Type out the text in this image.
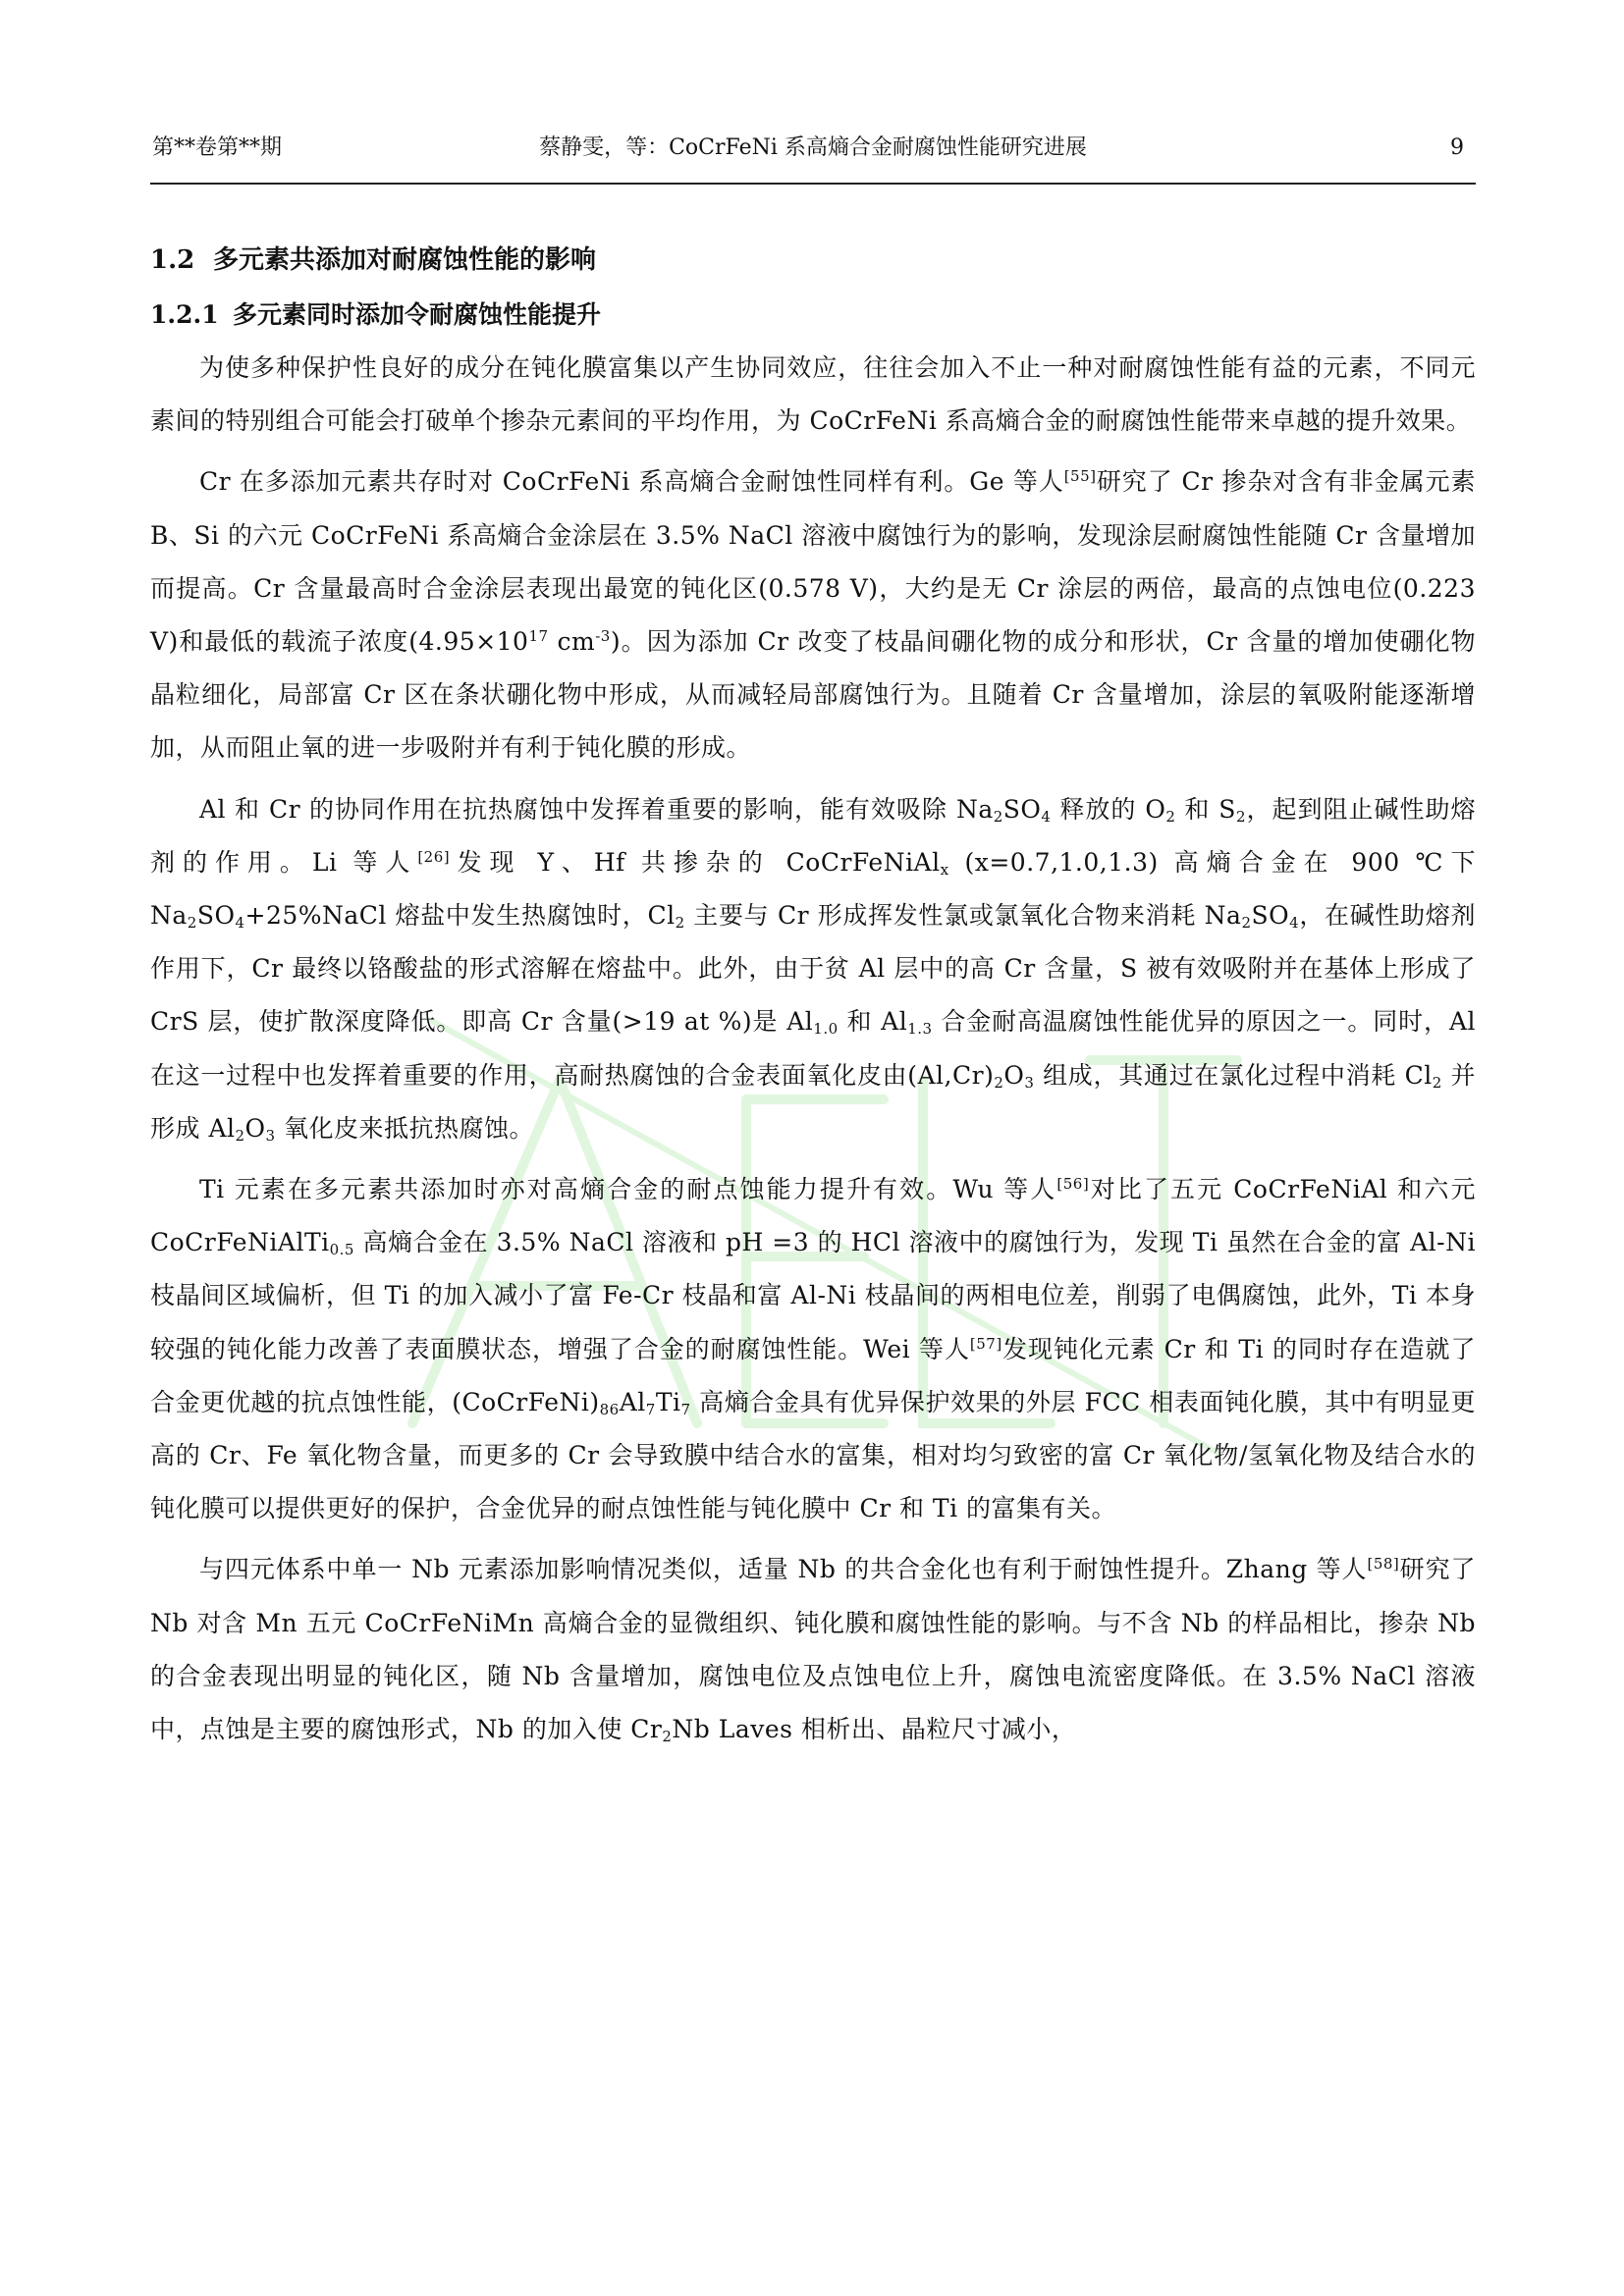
第**卷第**期	蔡静雯，等：CoCrFeNi 系高熵合金耐腐蚀性能研究进展	9
1.2 多元素共添加对耐腐蚀性能的影响
1.2.1 多元素同时添加令耐腐蚀性能提升

为使多种保护性良好的成分在钝化膜富集以产生协同效应，往往会加入不止一种对耐腐蚀性能有益的元素，不同元素间的特别组合可能会打破单个掺杂元素间的平均作用，为 CoCrFeNi 系高熵合金的耐腐蚀性能带来卓越的提升效果。

Cr 在多添加元素共存时对 CoCrFeNi 系高熵合金耐蚀性同样有利。Ge 等人[55]研究了 Cr 掺杂对含有非金属元素 B、Si 的六元 CoCrFeNi 系高熵合金涂层在 3.5% NaCl 溶液中腐蚀行为的影响，发现涂层耐腐蚀性能随 Cr 含量增加而提高。Cr 含量最高时合金涂层表现出最宽的钝化区(0.578 V)，大约是无 Cr 涂层的两倍，最高的点蚀电位(0.223 V)和最低的载流子浓度($4.95\times 10^{17}$ $cm^{-3}$)。因为添加 Cr 改变了枝晶间硼化物的成分和形状，Cr 含量的增加使硼化物晶粒细化，局部富 Cr 区在条状硼化物中形成，从而减轻局部腐蚀行为。且随着 Cr 含量增加，涂层的氧吸附能逐渐增加，从而阻止氧的进一步吸附并有利于钝化膜的形成。

Al 和 Cr 的协同作用在抗热腐蚀中发挥着重要的影响，能有效吸除 $Na_2SO_4$ 释放的 $O_2$ 和 $S_2$，起到阻止碱性助熔剂的作用。Li 等人[26]发现 Y、Hf 共掺杂的 CoCrFeNiAl$_x$ (x=0.7,1.0,1.3) 高熵合金在 900 ℃下 $Na_2SO_4+25\%NaCl$ 熔盐中发生热腐蚀时，$Cl_2$ 主要与 Cr 形成挥发性氯或氯氧化合物来消耗 $Na_2SO_4$，在碱性助熔剂作用下，Cr 最终以铬酸盐的形式溶解在熔盐中。此外，由于贫 Al 层中的高 Cr 含量，S 被有效吸附并在基体上形成了 CrS 层，使扩散深度降低。即高 Cr 含量(>19 at %)是 $Al_{1.0}$ 和 $Al_{1.3}$ 合金耐高温腐蚀性能优异的原因之一。同时，Al 在这一过程中也发挥着重要的作用，高耐热腐蚀的合金表面氧化皮由$(Al,Cr)_2O_3$ 组成，其通过在氯化过程中消耗 $Cl_2$ 并形成 $Al_2O_3$ 氧化皮来抵抗热腐蚀。

Ti 元素在多元素共添加时亦对高熵合金的耐点蚀能力提升有效。Wu 等人[56]对比了五元 CoCrFeNiAl 和六元 CoCrFeNiAlTi$_{0.5}$ 高熵合金在 3.5% NaCl 溶液和 pH =3 的 HCl 溶液中的腐蚀行为，发现 Ti 虽然在合金的富 Al-Ni 枝晶间区域偏析，但 Ti 的加入减小了富 Fe-Cr 枝晶和富 Al-Ni 枝晶间的两相电位差，削弱了电偶腐蚀，此外，Ti 本身较强的钝化能力改善了表面膜状态，增强了合金的耐腐蚀性能。Wei 等人[57]发现钝化元素 Cr 和 Ti 的同时存在造就了合金更优越的抗点蚀性能，$(CoCrFeNi)_{86}Al_7Ti_7$ 高熵合金具有优异保护效果的外层 FCC 相表面钝化膜，其中有明显更高的 Cr、Fe 氧化物含量，而更多的 Cr 会导致膜中结合水的富集，相对均匀致密的富 Cr 氧化物/氢氧化物及结合水的钝化膜可以提供更好的保护，合金优异的耐点蚀性能与钝化膜中 Cr 和 Ti 的富集有关。

与四元体系中单一 Nb 元素添加影响情况类似，适量 Nb 的共合金化也有利于耐蚀性提升。Zhang 等人[58]研究了 Nb 对含 Mn 五元 CoCrFeNiMn 高熵合金的显微组织、钝化膜和腐蚀性能的影响。与不含 Nb 的样品相比，掺杂 Nb 的合金表现出明显的钝化区，随 Nb 含量增加，腐蚀电位及点蚀电位上升，腐蚀电流密度降低。在 3.5% NaCl 溶液中，点蚀是主要的腐蚀形式，Nb 的加入使 $Cr_2Nb$ Laves 相析出、晶粒尺寸减小，
